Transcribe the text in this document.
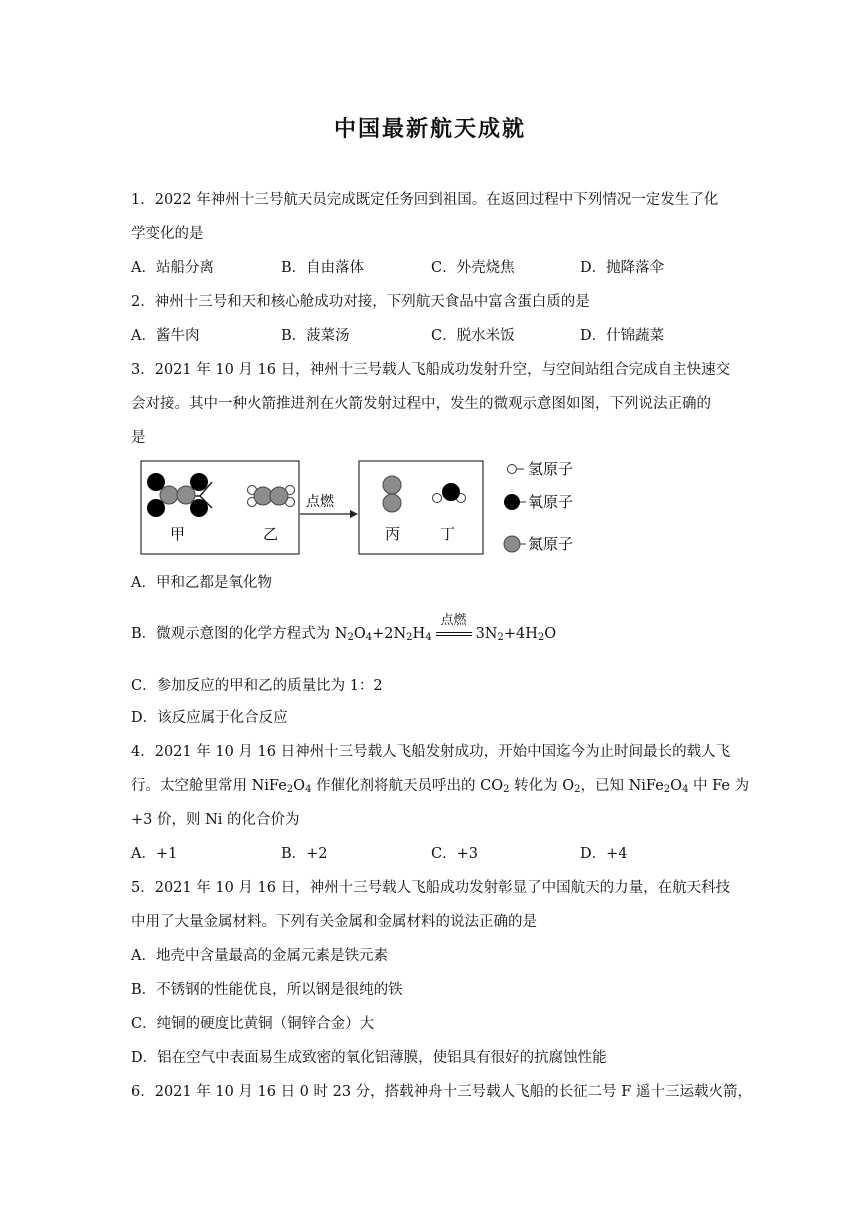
中国最新航天成就
1．2022 年神州十三号航天员完成既定任务回到祖国。在返回过程中下列情况一定发生了化
学变化的是
A．站船分离	B．自由落体	C．外壳烧焦	D．抛降落伞
2．神州十三号和天和核心舱成功对接，下列航天食品中富含蛋白质的是
A．酱牛肉	B．菠菜汤	C．脱水米饭	D．什锦蔬菜
3．2021 年 10 月 16 日，神州十三号载人飞船成功发射升空，与空间站组合完成自主快速交
会对接。其中一种火箭推进剂在火箭发射过程中，发生的微观示意图如图，下列说法正确的
是
甲	乙
点燃
丙	丁
氢原子
氧原子
氮原子
A．甲和乙都是氧化物
B．微观示意图的化学方程式为 $N_2O_4+2N_2H_4$
点燃
$3N_2+4H_2O$
C．参加反应的甲和乙的质量比为 1：2
D．该反应属于化合反应
4．2021 年 10 月 16 日神州十三号载人飞船发射成功，开始中国迄今为止时间最长的载人飞
行。太空舱里常用 $NiFe_2O_4$ 作催化剂将航天员呼出的 $CO_2$ 转化为 $O_2$，已知 $NiFe_2O_4$ 中 Fe 为
+3 价，则 Ni 的化合价为
A．+1	B．+2	C．+3	D．+4
5．2021 年 10 月 16 日，神州十三号载人飞船成功发射彰显了中国航天的力量，在航天科技
中用了大量金属材料。下列有关金属和金属材料的说法正确的是
A．地壳中含量最高的金属元素是铁元素
B．不锈钢的性能优良，所以钢是很纯的铁
C．纯铜的硬度比黄铜（铜锌合金）大
D．铝在空气中表面易生成致密的氧化铝薄膜，使铝具有很好的抗腐蚀性能
6．2021 年 10 月 16 日 0 时 23 分，搭载神舟十三号载人飞船的长征二号 F 遥十三运载火箭，
